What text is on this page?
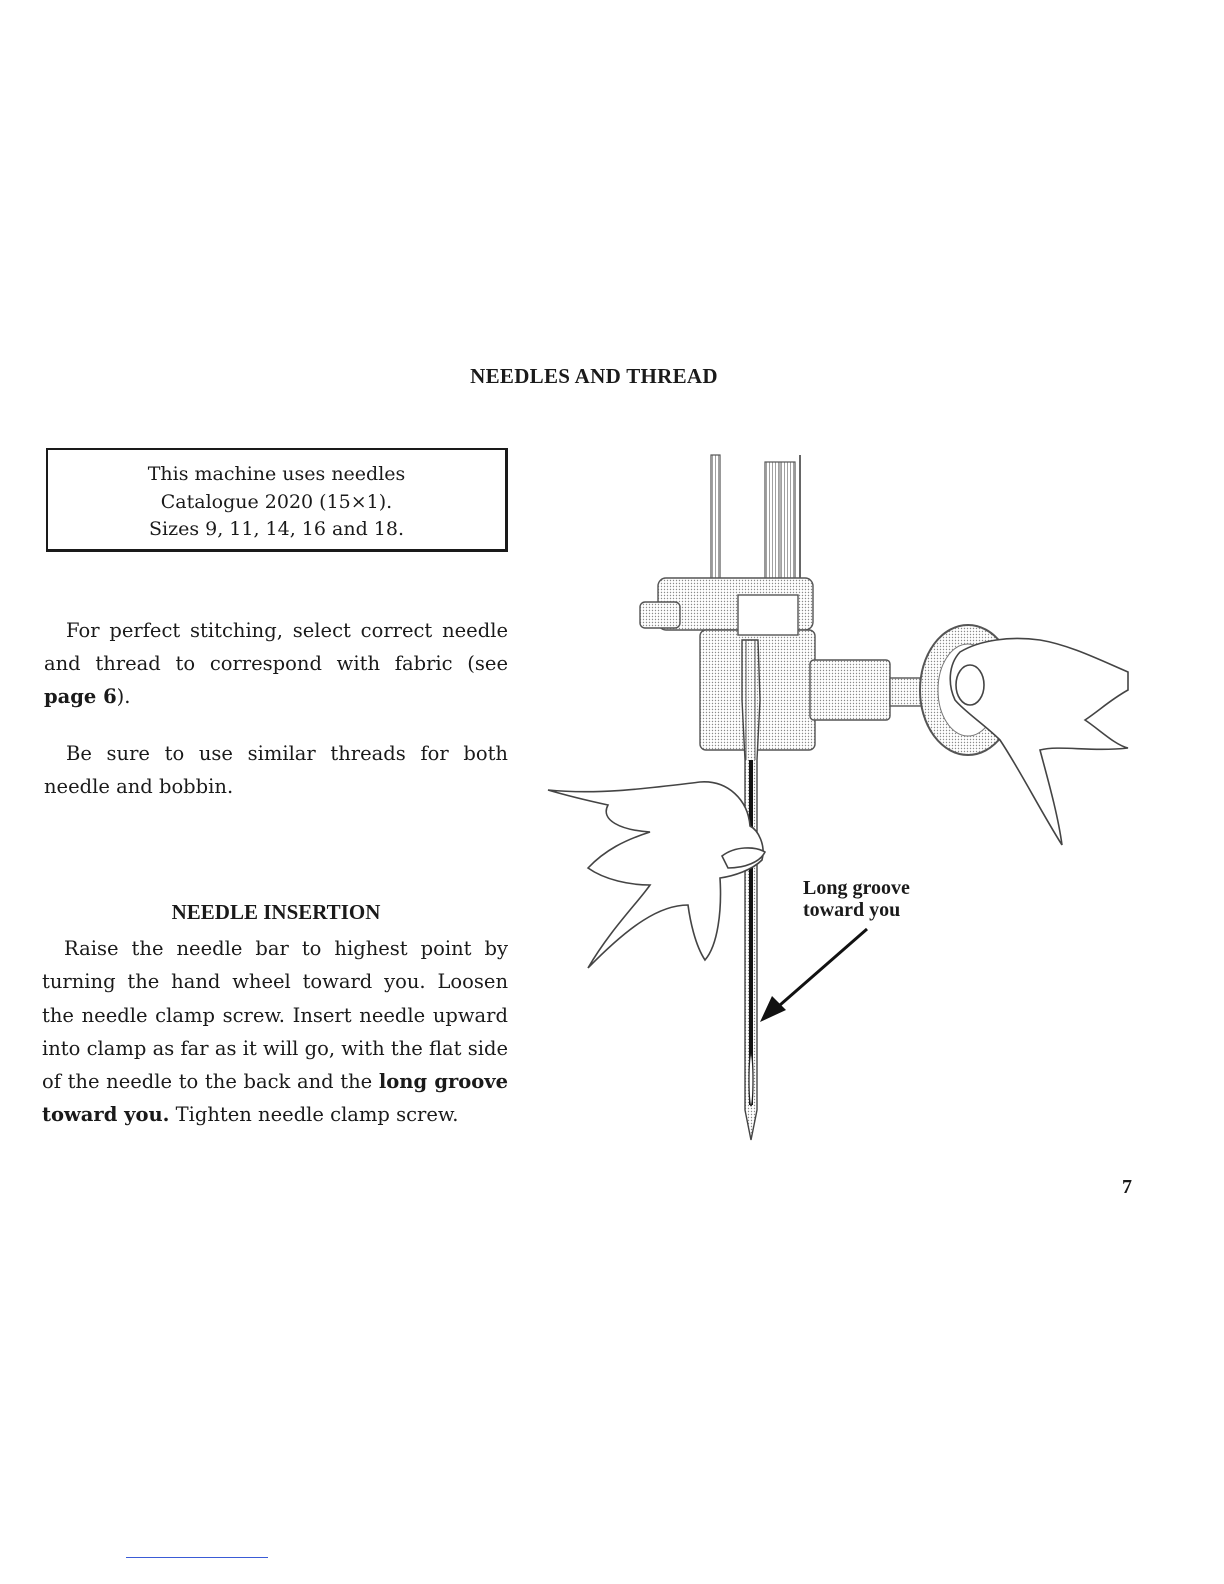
NEEDLES AND THREAD
This machine uses needles
Catalogue 2020 (15×1).
Sizes 9, 11, 14, 16 and 18.
For perfect stitching, select correct needle and thread to correspond with fabric (see page 6).
Be sure to use similar threads for both needle and bobbin.
NEEDLE INSERTION
Raise the needle bar to highest point by turning the hand wheel toward you. Loosen the needle clamp screw. Insert needle upward into clamp as far as it will go, with the flat side of the needle to the back and the long groove toward you. Tighten needle clamp screw.
Long groove
toward you
7
